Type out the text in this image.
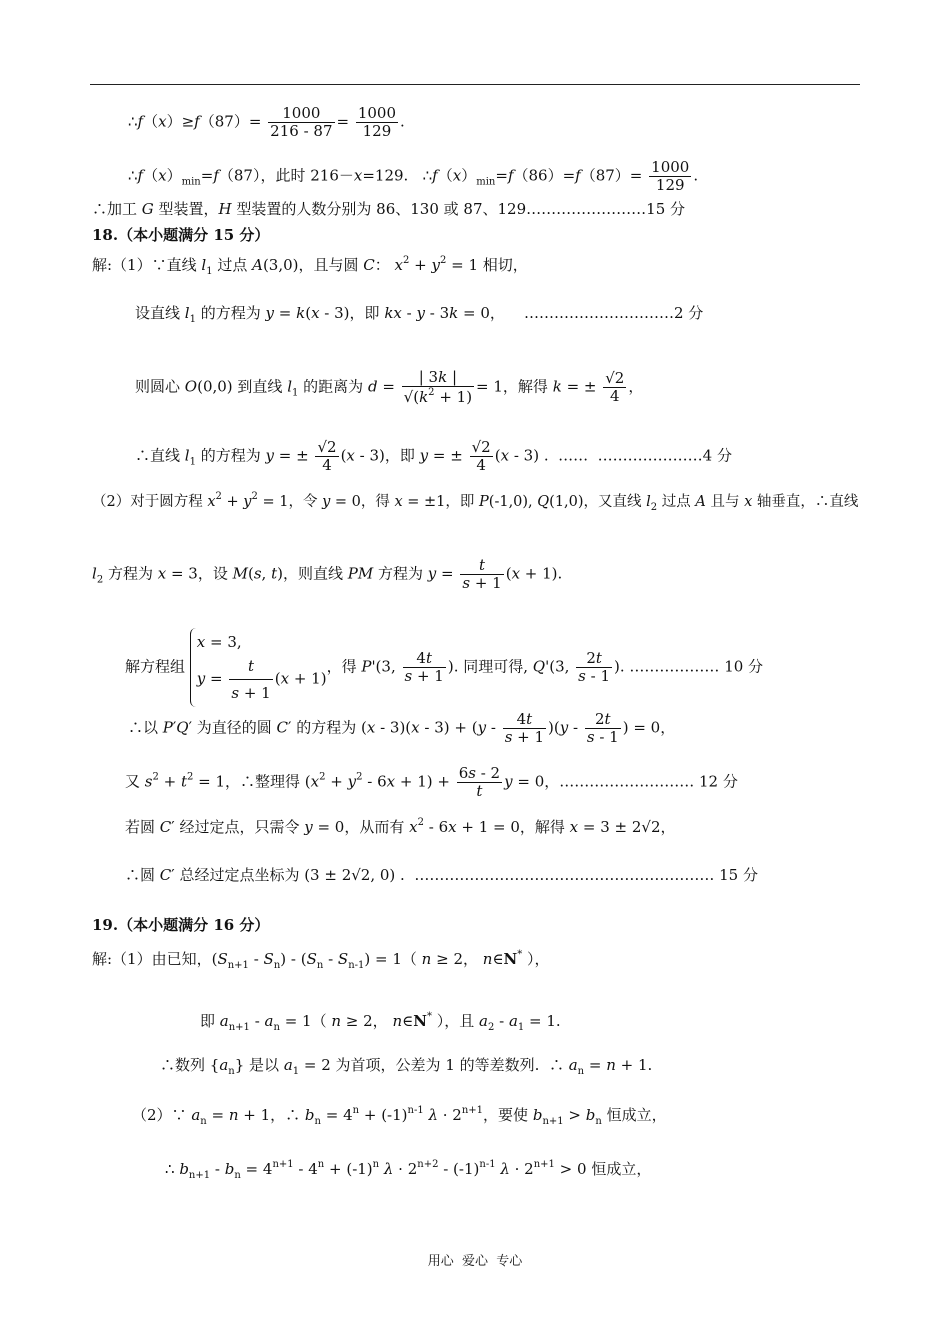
∴f（x）≥f（87）= $\frac{1000}{216 - 87} = \frac{1000}{129}$ .
$\therefore f(x)_{min}=f(87)$，此时 216－x=129.   $\therefore f(x)_{min}=f(86)=f(87)= \frac{1000}{129}$ .
∴加工 G 型装置，H 型装置的人数分别为 86、130 或 87、129……………………15 分
18.（本小题满分 15 分）
解:（1）∵直线 $l_1$ 过点 A(3,0)，且与圆 C： $x^2 + y^2 = 1$ 相切，
设直线 $l_1$ 的方程为 y = k(x - 3)，即 kx - y - 3k = 0，    …………………………2 分
则圆心 O(0,0) 到直线 $l_1$ 的距离为 $d = \frac{| 3k |}{√(k^2 + 1)} = 1$，解得 k = ± $\frac{√2}{4}$ ，
∴直线 $l_1$ 的方程为 y = ± $\frac{√2}{4} (x - 3)$，即 y = ± $\frac{√2}{4} (x - 3)$ .  ……  …………………4 分
（2）对于圆方程 $x^2 + y^2 = 1$，令 y = 0，得 x = ±1，即 P(-1,0), Q(1,0)，又直线 $l_2$ 过点 A 且与 x 轴垂直，∴直线
$l_2$ 方程为 x = 3，设 M(s, t)，则直线 PM 方程为 $y = \frac{t}{s + 1} (x + 1)$.
解方程组
x = 3,
$y = \frac{t}{s + 1} (x + 1)$
，得 P'(3, $\frac{4t}{s + 1}$ ). 同理可得, Q'(3, $\frac{2t}{s - 1}$ ). ……………… 10 分
∴以 P′Q′ 为直径的圆 C′ 的方程为 $(x - 3)(x - 3) + (y - \frac{4t}{s + 1} )(y - \frac{2t}{s - 1}$ ) = 0，
又 $s^2 + t^2 = 1$，∴整理得 $(x^2 + y^2 - 6x + 1) + \frac{6s - 2}{t}$ y = 0，……………………… 12 分
若圆 C′ 经过定点，只需令 y = 0，从而有 $x^2 - 6x + 1 = 0$，解得 x = 3 ± 2√2，
∴圆 C′ 总经过定点坐标为 (3 ± 2√2, 0) .  …………………………………………………… 15 分
19.（本小题满分 16 分）
解:（1）由已知，$(S_{n+1} - S_n) - (S_n - S_{n-1}) = 1$（ n ≥ 2， n∈N* ），
即 $a_{n+1} - a_n = 1$（ n ≥ 2， n∈N* ），且 $a_2 - a_1 = 1$.
∴数列 $\{a_n\}$ 是以 $a_1 = 2$ 为首项，公差为 1 的等差数列.  ∴ $a_n = n + 1$.
（2）∵ $a_n = n + 1$，∴ $b_n = 4^n + (-1)^{n-1}$ $\lambda \cdot 2^{n+1}$，要使 $b_{n+1} > b_n$ 恒成立，
∴ $b_{n+1} - b_n = 4^{n+1} - 4^n + (-1)^n$ $\lambda \cdot 2^{n+2} - (-1)^{n-1}$ $\lambda \cdot 2^{n+1} > 0$ 恒成立，
用心  爱心  专心
